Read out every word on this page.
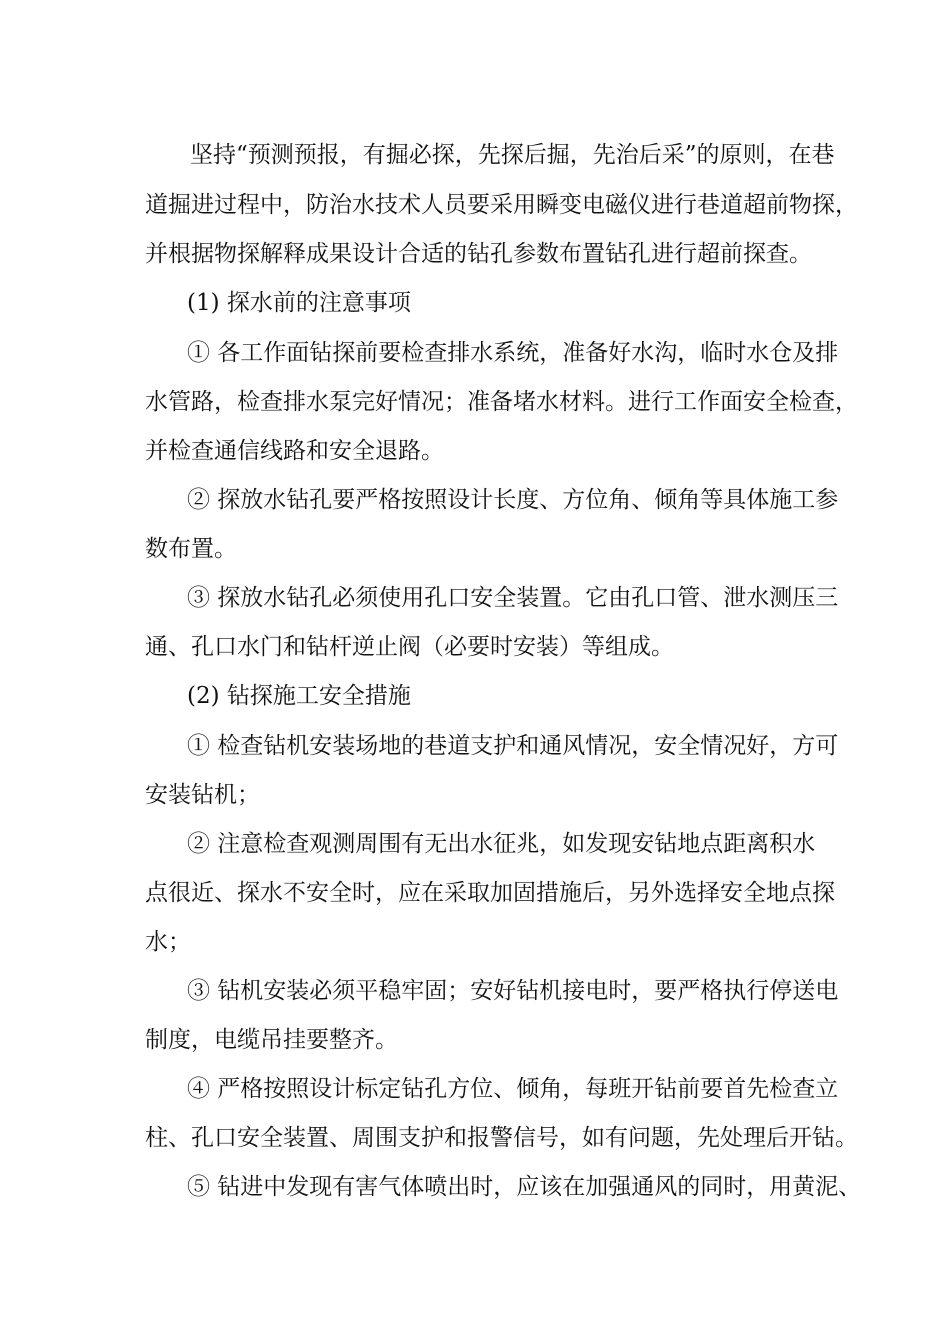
坚持“预测预报，有掘必探，先探后掘，先治后采”的原则，在巷

道掘进过程中，防治水技术人员要采用瞬变电磁仪进行巷道超前物探，

并根据物探解释成果设计合适的钻孔参数布置钻孔进行超前探查。

(1) 探水前的注意事项

① 各工作面钻探前要检查排水系统，准备好水沟，临时水仓及排

水管路，检查排水泵完好情况；准备堵水材料。进行工作面安全检查，

并检查通信线路和安全退路。

② 探放水钻孔要严格按照设计长度、方位角、倾角等具体施工参

数布置。

③ 探放水钻孔必须使用孔口安全装置。它由孔口管、泄水测压三

通、孔口水门和钻杆逆止阀（必要时安装）等组成。

(2) 钻探施工安全措施

① 检查钻机安装场地的巷道支护和通风情况，安全情况好，方可

安装钻机；

② 注意检查观测周围有无出水征兆，如发现安钻地点距离积水

点很近、探水不安全时，应在采取加固措施后，另外选择安全地点探

水；

③ 钻机安装必须平稳牢固；安好钻机接电时，要严格执行停送电

制度，电缆吊挂要整齐。

④ 严格按照设计标定钻孔方位、倾角，每班开钻前要首先检查立

柱、孔口安全装置、周围支护和报警信号，如有问题，先处理后开钻。

⑤ 钻进中发现有害气体喷出时，应该在加强通风的同时，用黄泥、
